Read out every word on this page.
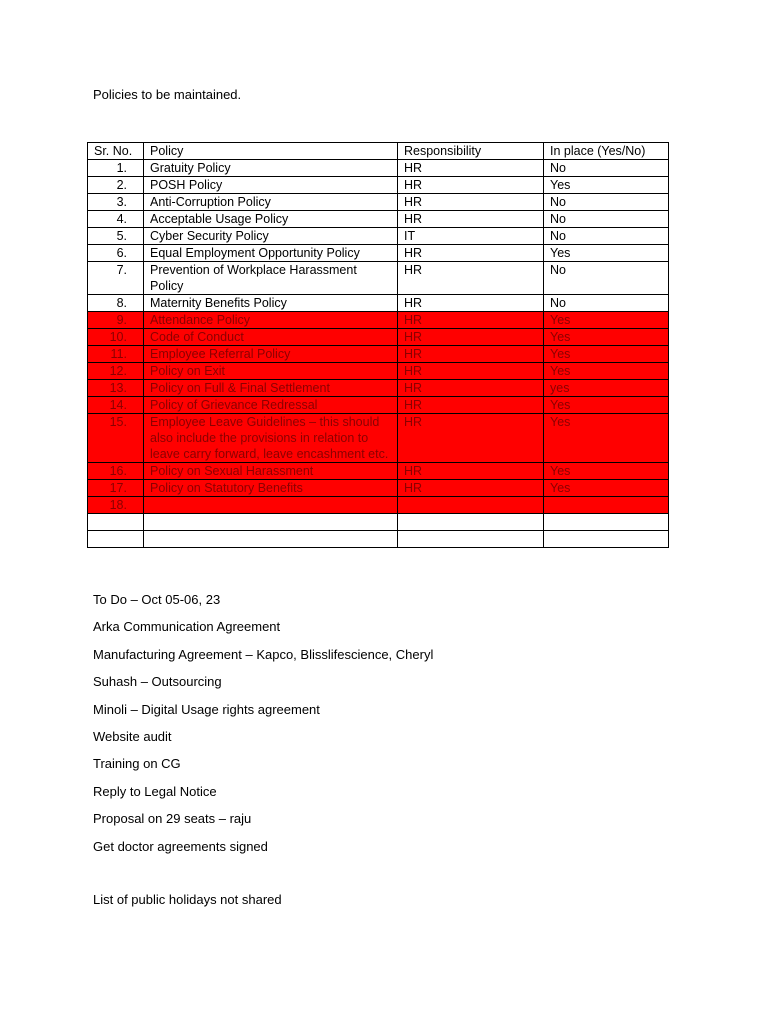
Policies to be maintained.

Sr. No.	Policy	Responsibility	In place (Yes/No)
1.	Gratuity Policy	HR	No
2.	POSH Policy	HR	Yes
3.	Anti-Corruption Policy	HR	No
4.	Acceptable Usage Policy	HR	No
5.	Cyber Security Policy	IT	No
6.	Equal Employment Opportunity Policy	HR	Yes
7.	Prevention of Workplace Harassment Policy	HR	No
8.	Maternity Benefits Policy	HR	No
9.	Attendance Policy	HR	Yes
10.	Code of Conduct	HR	Yes
11.	Employee Referral Policy	HR	Yes
12.	Policy on Exit	HR	Yes
13.	Policy on Full & Final Settlement	HR	yes
14.	Policy of Grievance Redressal	HR	Yes
15.	Employee Leave Guidelines – this should also include the provisions in relation to leave carry forward, leave encashment etc.	HR	Yes
16.	Policy on Sexual Harassment	HR	Yes
17.	Policy on Statutory Benefits	HR	Yes
18.			

To Do – Oct 05-06, 23
Arka Communication Agreement
Manufacturing Agreement – Kapco, Blisslifescience, Cheryl
Suhash – Outsourcing
Minoli – Digital Usage rights agreement
Website audit
Training on CG
Reply to Legal Notice
Proposal on 29 seats – raju
Get doctor agreements signed

List of public holidays not shared
